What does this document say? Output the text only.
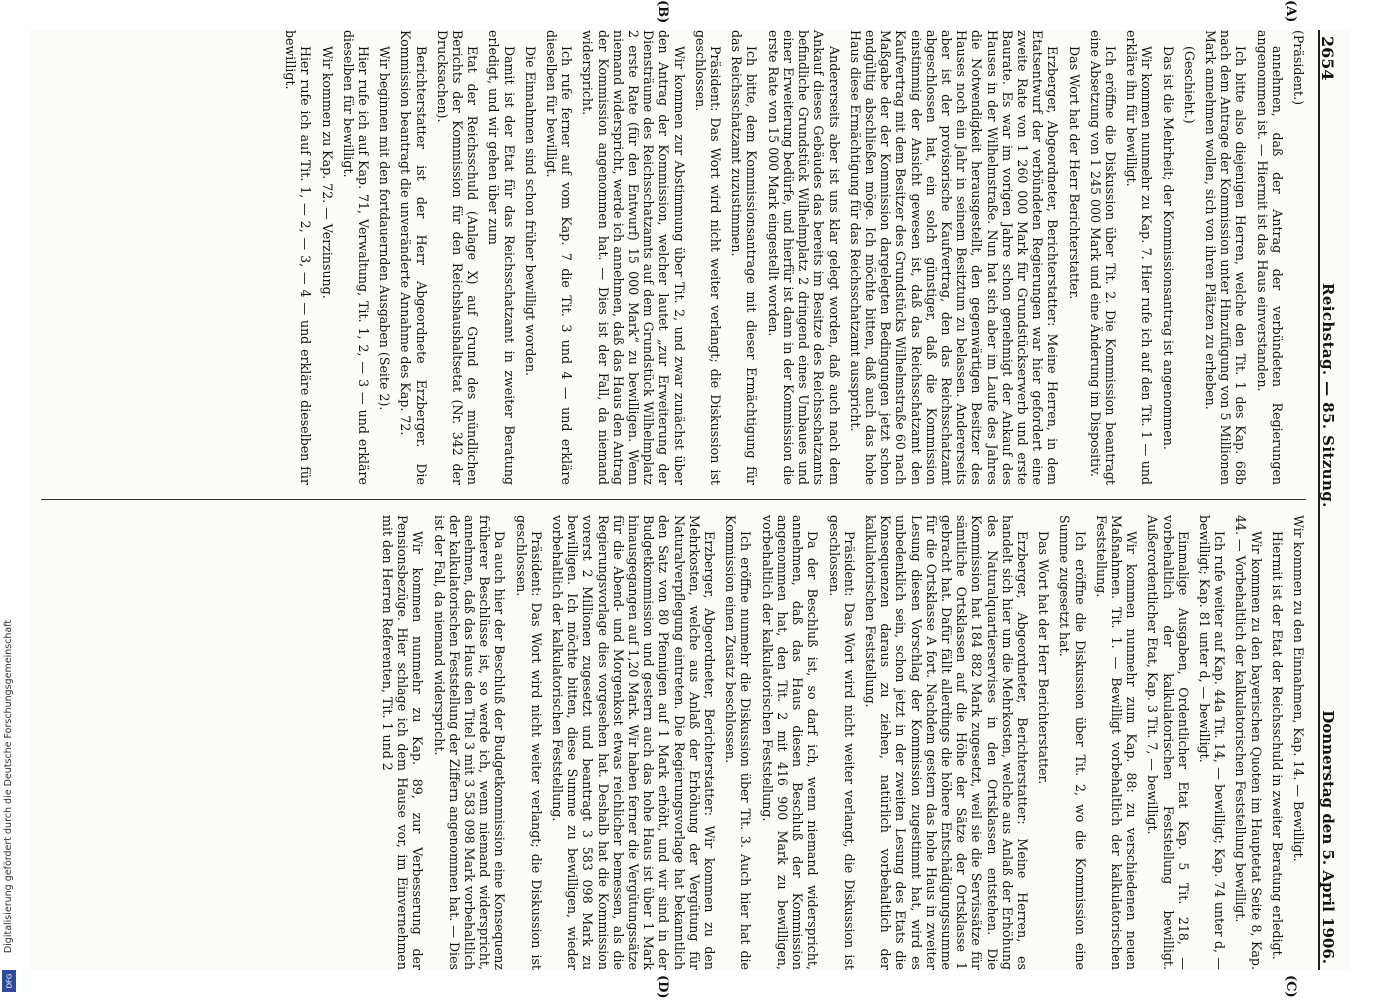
2654
Reichstag. — 85. Sitzung.
Donnerstag den 5. April 1906.

(Präsident.)

annehmen, daß der Antrag der verbündeten Regierungen angenommen ist. — Hiermit ist das Haus einverstanden.

Ich bitte also diejenigen Herren, welche den Tit. 1 des Kap. 68b nach dem Antrage der Kommission unter Hinzufügung von 5 Millionen Mark annehmen wollen, sich von ihren Plätzen zu erheben.

(Geschieht.)

Das ist die Mehrheit; der Kommissionsantrag ist angenommen.

Wir kommen nunmehr zu Kap. 7. Hier rufe ich auf den Tit. 1 — und erkläre ihn für bewilligt.

Ich eröffne die Diskussion über Tit. 2. Die Kommission beantragt eine Absetzung von 1 245 000 Mark und eine Änderung im Dispositiv.

Das Wort hat der Herr Berichterstatter.

Erzberger, Abgeordneter, Berichterstatter: Meine Herren, in dem Etatsentwurf der verbündeten Regierungen war hier gefordert eine zweite Rate von 1 260 000 Mark für Grundstückserwerb und erste Baurate. Es war im vorigen Jahre schon genehmigt der Ankauf des Hauses in der Wilhelmstraße. Nun hat sich aber im Laufe des Jahres die Notwendigkeit herausgestellt, den gegenwärtigen Besitzer des Hauses noch ein Jahr in seinem Besitztum zu belassen. Andererseits aber ist der provisorische Kaufvertrag, den das Reichsschatzamt abgeschlossen hat, ein solch günstiger, daß die Kommission einstimmig der Ansicht gewesen ist, daß das Reichsschatzamt den Kaufvertrag mit dem Besitzer des Grundstücks Wilhelmstraße 60 nach Maßgabe der der Kommission dargelegten Bedingungen jetzt schon endgültig abschließen möge. Ich möchte bitten, daß auch das hohe Haus diese Ermächtigung für das Reichsschatzamt ausspricht.

Andererseits aber ist uns klar gelegt worden, daß auch nach dem Ankauf dieses Gebäudes das bereits im Besitze des Reichsschatzamts befindliche Grundstück Wilhelmplatz 2 dringend eines Umbaues und einer Erweiterung bedürfe, und hierfür ist dann in der Kommission die erste Rate von 15 000 Mark eingestellt worden.

Ich bitte, dem Kommissionsantrage mit dieser Ermächtigung für das Reichsschatzamt zuzustimmen.

Präsident: Das Wort wird nicht weiter verlangt; die Diskussion ist geschlossen.

Wir kommen zur Abstimmung über Tit. 2, und zwar zunächst über den Antrag der Kommission, welcher lautet „zur Erweiterung der Diensträume des Reichsschatzamts auf dem Grundstück Wilhelmplatz 2 erste Rate (für den Entwurf) 15 000 Mark“ zu bewilligen. Wenn niemand widerspricht, werde ich annehmen, daß das Haus den Antrag der Kommission angenommen hat. — Dies ist der Fall, da niemand widerspricht.

Ich rufe ferner auf vom Kap. 7 die Tit. 3 und 4 — und erkläre dieselben für bewilligt.

Die Einnahmen sind schon früher bewilligt worden.

Damit ist der Etat für das Reichsschatzamt in zweiter Beratung erledigt, und wir gehen über zum

Etat der Reichsschuld (Anlage X) auf Grund des mündlichen Berichts der Kommission für den Reichshaushaltsetat (Nr. 342 der Drucksachen).

Berichterstatter ist der Herr Abgeordnete Erzberger. Die Kommission beantragt die unveränderte Annahme des Kap. 72.

Wir beginnen mit den fortdauernden Ausgaben (Seite 2).

Hier rufe ich auf Kap. 71, Verwaltung, Tit. 1, 2, — 3 — und erkläre dieselben für bewilligt.

Wir kommen zu Kap. 72. — Verzinsung.

Hier rufe ich auf Tit. 1, — 2, — 3, — 4 — und erkläre dieselben für bewilligt.

Wir kommen zu den Einnahmen, Kap. 14. — Bewilligt.

Hiermit ist der Etat der Reichsschuld in zweiter Beratung erledigt.

Wir kommen zu den bayerischen Quoten im Hauptetat Seite 8, Kap. 44. — Vorbehaltlich der kalkulatorischen Feststellung bewilligt.

Ich rufe weiter auf Kap. 44a Tit. 14, — bewilligt; Kap. 74 unter d, — bewilligt; Kap. 81 unter d, — bewilligt.

Einmalige Ausgaben, Ordentlicher Etat Kap. 5 Tit. 218, — vorbehaltlich der kalkulatorischen Feststellung bewilligt. Außerordentlicher Etat, Kap. 3 Tit. 7, — bewilligt.

Wir kommen nunmehr zum Kap. 88: zu verschiedenen neuen Maßnahmen. Tit. 1. — Bewilligt vorbehaltlich der kalkulatorischen Feststellung.

Ich eröffne die Diskussion über Tit. 2, wo die Kommission eine Summe zugesetzt hat.

Das Wort hat der Herr Berichterstatter.

Erzberger, Abgeordneter, Berichterstatter: Meine Herren, es handelt sich hier um die Mehrkosten, welche aus Anlaß der Erhöhung des Naturalquartierservises in den Ortsklassen entstehen. Die Kommission hat 184 882 Mark zugesetzt, weil sie die Servissätze für sämtliche Ortsklassen auf die Höhe der Sätze der Ortsklasse 1 gebracht hat. Dafür fällt allerdings die höhere Entschädigungssumme für die Ortsklasse A fort. Nachdem gestern das hohe Haus in zweiter Lesung diesen Vorschlag der Kommission zugestimmt hat, wird es unbedenklich sein, schon jetzt in der zweiten Lesung des Etats die Konsequenzen daraus zu ziehen, natürlich vorbehaltlich der kalkulatorischen Feststellung.

Präsident: Das Wort wird nicht weiter verlangt, die Diskussion ist geschlossen.

Da der Beschluß ist, so darf ich, wenn niemand widerspricht, annehmen, daß das Haus diesen Beschluß der Kommission angenommen hat, den Tit. 2 mit 416 900 Mark zu bewilligen, vorbehaltlich der kalkulatorischen Feststellung.

Ich eröffne nunmehr die Diskussion über Tit. 3. Auch hier hat die Kommission einen Zusatz beschlossen.

Erzberger, Abgeordneter, Berichterstatter: Wir kommen zu den Mehrkosten, welche aus Anlaß der Erhöhung der Vergütung für Naturalverpflegung eintreten. Die Regierungsvorlage hat bekanntlich den Satz von 80 Pfennigen auf 1 Mark erhöht, und wir sind in der Budgetkommission und gestern auch das hohe Haus ist über 1 Mark hinausgegangen auf 1,20 Mark. Wir haben ferner die Vergütungssätze für die Abend- und Morgenkost etwas reichlicher bemessen, als die Regierungsvorlage dies vorgesehen hat. Deshalb hat die Kommission vorerst 2 Millionen zugesetzt und beantragt 3 583 098 Mark zu bewilligen. Ich möchte bitten, diese Summe zu bewilligen, wieder vorbehaltlich der kalkulatorischen Feststellung.

Präsident: Das Wort wird nicht weiter verlangt; die Diskussion ist geschlossen.

Da auch hier der Beschluß der Budgetkommission eine Konsequenz früherer Beschlüsse ist, so werde ich, wenn niemand widerspricht, annehmen, daß das Haus den Titel 3 mit 3 583 098 Mark vorbehaltlich der kalkulatorischen Feststellung der Ziffern angenommen hat. — Dies ist der Fall, da niemand widerspricht.

Wir kommen nunmehr zu Kap. 89, zur Verbesserung der Pensionsbezüge. Hier schlage ich dem Hause vor, im Einvernehmen mit den Herren Referenten, Tit. 1 und 2

(A)
(B)
(C)
(D)
Digitalisierung gefördert durch die Deutsche Forschungsgemeinschaft
DFG
